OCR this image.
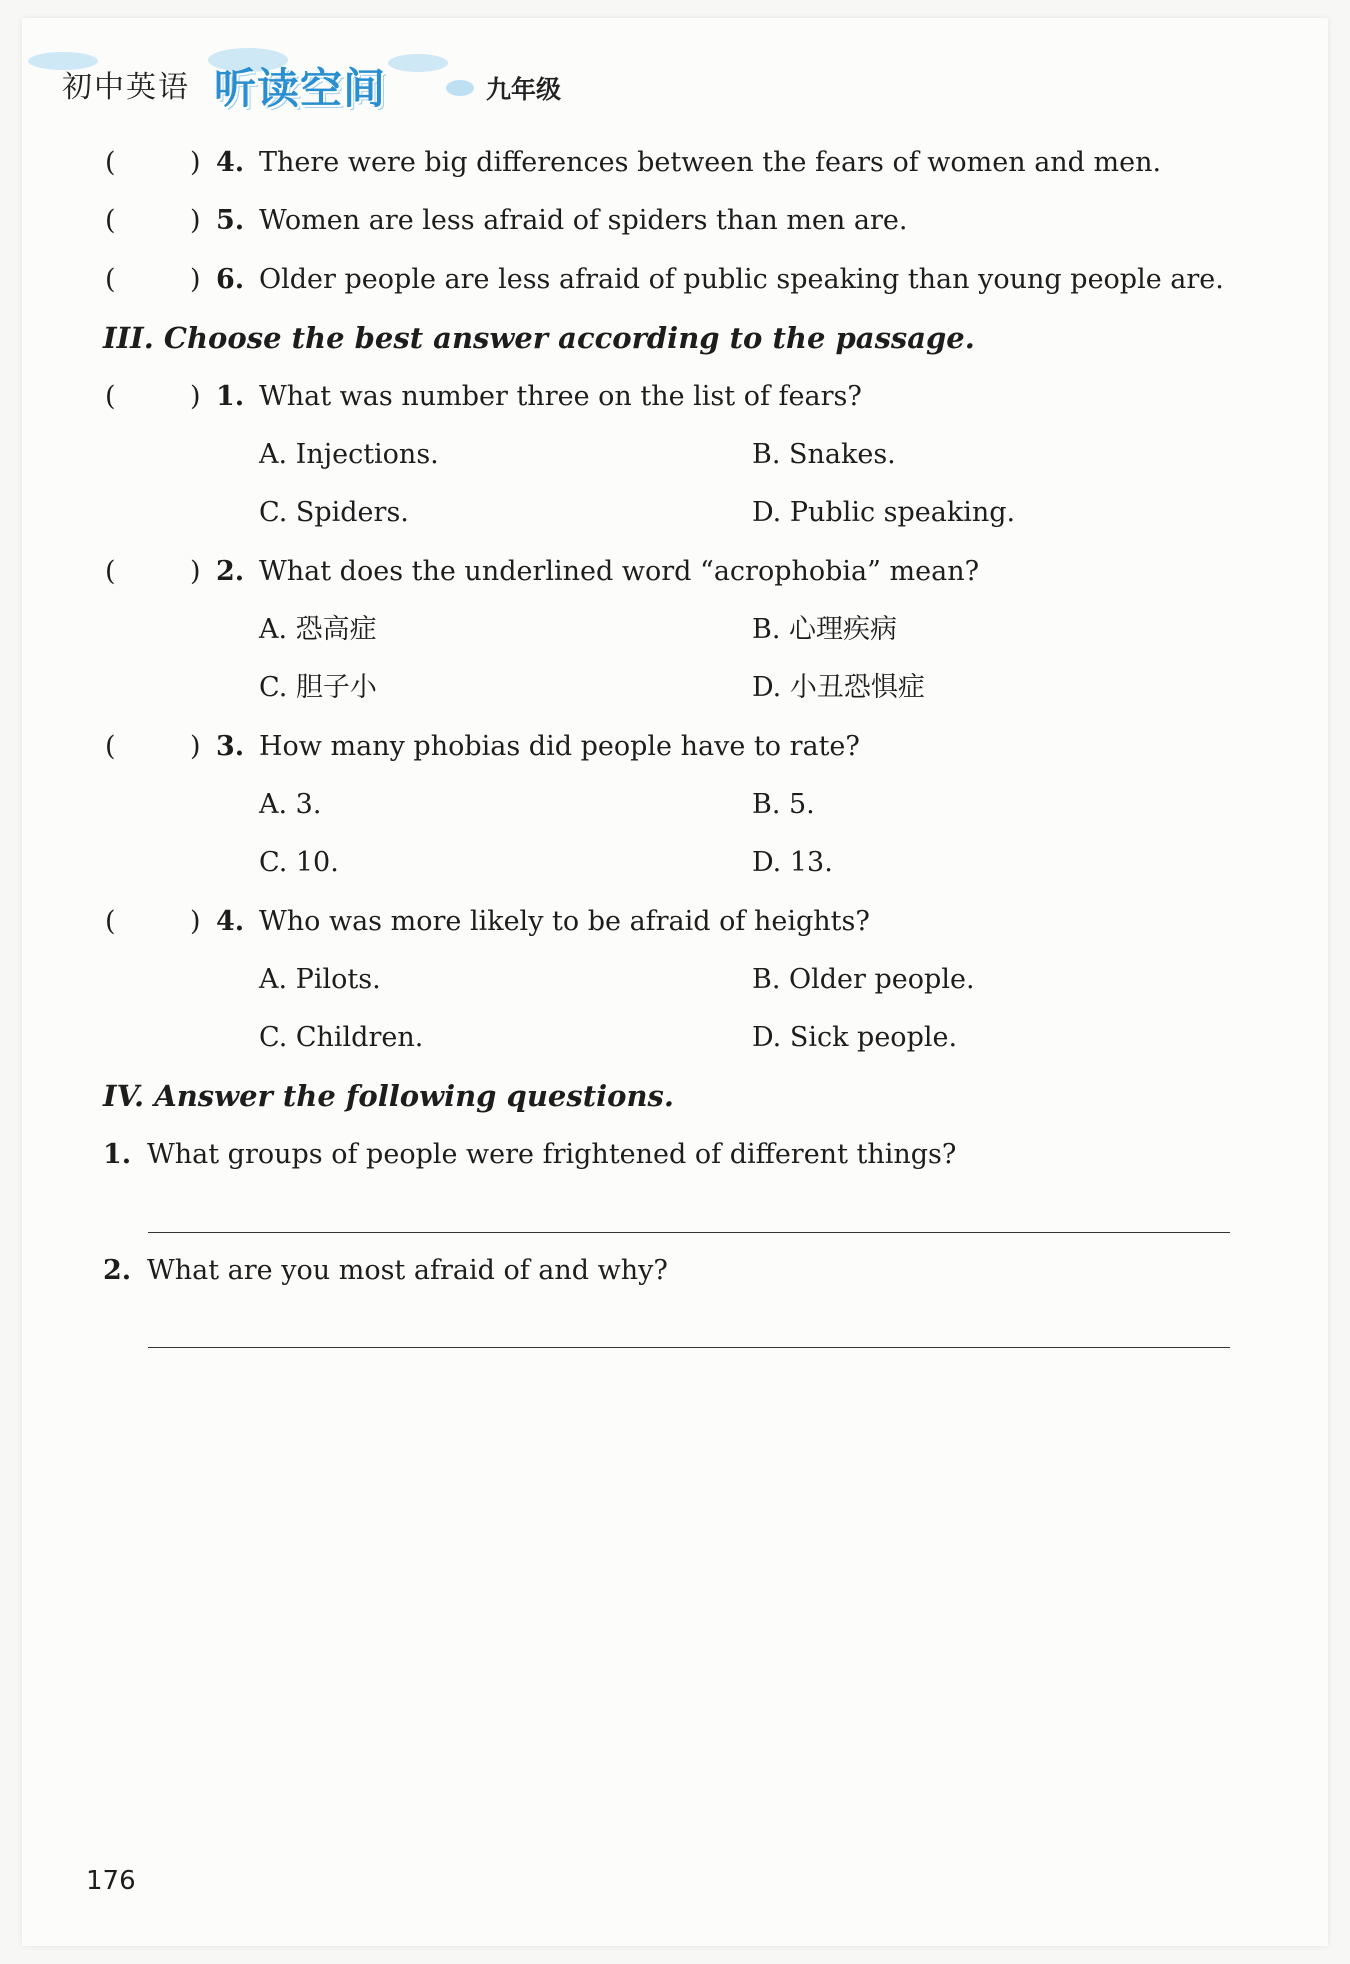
初中英语 听读空间	九年级
(	) 4. There were big differences between the fears of women and men.
(	) 5. Women are less afraid of spiders than men are.
(	) 6. Older people are less afraid of public speaking than young people are.
III. Choose the best answer according to the passage.
(	) 1. What was number three on the list of fears?
A. Injections.	B. Snakes.
C. Spiders.	D. Public speaking.
(	) 2. What does the underlined word “acrophobia” mean?
A. 恐高症	B. 心理疾病
C. 胆子小	D. 小丑恐惧症
(	) 3. How many phobias did people have to rate?
A. 3.	B. 5.
C. 10.	D. 13.
(	) 4. Who was more likely to be afraid of heights?
A. Pilots.	B. Older people.
C. Children.	D. Sick people.
IV. Answer the following questions.
1. What groups of people were frightened of different things?
2. What are you most afraid of and why?
176
